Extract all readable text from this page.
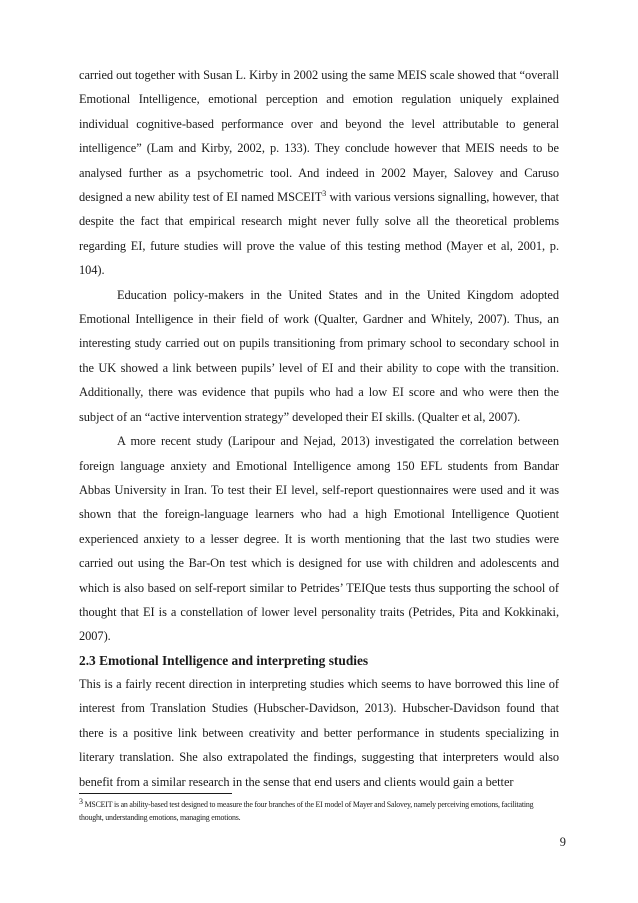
carried out together with Susan L. Kirby in 2002 using the same MEIS scale showed that “overall Emotional Intelligence, emotional perception and emotion regulation uniquely explained individual cognitive-based performance over and beyond the level attributable to general intelligence” (Lam and Kirby, 2002, p. 133). They conclude however that MEIS needs to be analysed further as a psychometric tool. And indeed in 2002 Mayer, Salovey and Caruso designed a new ability test of EI named MSCEIT$^3$ with various versions signalling, however, that despite the fact that empirical research might never fully solve all the theoretical problems regarding EI, future studies will prove the value of this testing method (Mayer et al, 2001, p. 104).

Education policy-makers in the United States and in the United Kingdom adopted Emotional Intelligence in their field of work (Qualter, Gardner and Whitely, 2007). Thus, an interesting study carried out on pupils transitioning from primary school to secondary school in the UK showed a link between pupils’ level of EI and their ability to cope with the transition. Additionally, there was evidence that pupils who had a low EI score and who were then the subject of an “active intervention strategy” developed their EI skills. (Qualter et al, 2007).

A more recent study (Laripour and Nejad, 2013) investigated the correlation between foreign language anxiety and Emotional Intelligence among 150 EFL students from Bandar Abbas University in Iran. To test their EI level, self-report questionnaires were used and it was shown that the foreign-language learners who had a high Emotional Intelligence Quotient experienced anxiety to a lesser degree. It is worth mentioning that the last two studies were carried out using the Bar-On test which is designed for use with children and adolescents and which is also based on self-report similar to Petrides’ TEIQue tests thus supporting the school of thought that EI is a constellation of lower level personality traits (Petrides, Pita and Kokkinaki, 2007).

2.3 Emotional Intelligence and interpreting studies

This is a fairly recent direction in interpreting studies which seems to have borrowed this line of interest from Translation Studies (Hubscher-Davidson, 2013). Hubscher-Davidson found that there is a positive link between creativity and better performance in students specializing in literary translation. She also extrapolated the findings, suggesting that interpreters would also benefit from a similar research in the sense that end users and clients would gain a better

$^3$ MSCEIT is an ability-based test designed to measure the four branches of the EI model of Mayer and Salovey, namely perceiving emotions, facilitating thought, understanding emotions, managing emotions.

9
